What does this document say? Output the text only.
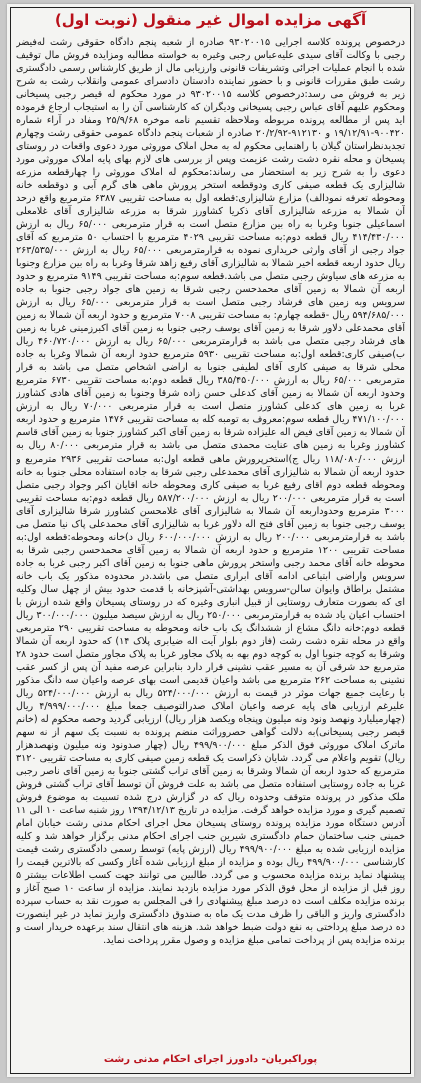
آگهی مزایده اموال غیر منقول (نوبت اول)

درخصوص پرونده کلاسه اجرایی ۹۳۰۲۰۰۱۵ صادره از شعبه پنجم دادگاه حقوقی رشت له‌فیضر رجبی با وکالت آقای سیدی علیه‌عباس رجبی وغیره به خواسته مطالبه ومزایده فروش مال توقیف شده با انجام عملیات اجرائی وتشریفات قانونی وارزیابی مال از طریق کارشناس رسمی دادگستری رشت طبق مقررات قانونی و با حضور نماینده دادستان دادسرای عمومی وانقلاب رشت به شرح زیر به فروش می رسد:درخصوص کلاسه ۹۳۰۲۰۰۱۵ در مورد محکوم له قیصر رجبی پسیخانی ومحکوم علیهم آقای عباس رجبی پسیخانی ودیگران که کارشناسی آن را به استیجاب ارجاع فرموده اید پس از مطالعه پرونده مربوطه وملاحظه تقسیم نامه موخره ۲۵/۹/۶۸ ومفاد در آراء شماره ۹۰۰۴۲۰-۱۹/۱۲/۹۱ و ۹۱۲۱۳۰-۲۰/۲/۹۲ صادره از شعبات پنجم دادگاه عمومی حقوقی رشت وچهارم تجدیدنظراستان گیلان با راهنمایی محکوم له به محل املاک موروثی مورد دعوی واقعات در روستای پسیخان و محله نقره دشت رشت عزیمت وپس از بررسی های لازم بهای پایه املاک موروثی مورد دعوی را به شرح زیر به استحضار می رساند:محکوم له املاک موروثی را چهارقطعه مزرعه شالیزاری یک قطعه صیفی کاری ودوقطعه استخر پرورش ماهی های گرم آبی و دوقطعه خانه ومحوطه تعرفه نمودالف) مزارع شالیزاری:قطعه اول به مساحت تقریبی ۶۳۸۷ مترمربع واقع درحد آن شمالا به مزرعه شالیزاری آقای ذکریا کشاورز شرقا به مزرعه شالیزاری آقای غلامعلی اسماعیلی جنوبا وغربا به راه بین مزارع متصل است به قرار مترمربعی ۶۵/۰۰۰ ریال به ارزش ۴۱۴/۴۳۰/۰۰۰ ریال قطعه دوم:به مساحت تقریبی ۴۰۲۹ مترمربع با احتساب ۵۰ مترمربع که آقای جواد رجبی از آقای وارثی خریداری نموده به قرارمترمربعی ۶۵/۰۰۰ ریال به ارزش ۲۶۳/۵۳۵/۰۰۰ ریال حدود اربعه قطعه اخیر شمالا به شالیزاری آقای رفیع زاهد شرقا وغربا به راه بین مزارع وجنوبا به مزرعه های سیاوش رجبی متصل می باشد.قطعه سوم:به مساحت تقریبی ۹۱۴۹ مترمربع و حدود اربعه آن شمالا به زمین آقای محمدحسن رجبی شرقا به زمین های جواد رجبی جنوبا به جاده سرویس وبه زمین های فرشاد رجبی متصل است به قرار مترمربعی ۶۵/۰۰۰ ریال به ارزش ۵۹۴/۶۸۵/۰۰۰ ریال -قطعه چهارم: به مساحت تقریبی ۷۰۰۸ مترمربع و حدود اربعه آن شمالا به زمین آقای محمدعلی دلاور شرقا به زمین آقای یوسف رجبی جنوبا به زمین آقای اکبرزمینی غربا به زمین های فرشاد رجبی متصل می باشد به قرارمترمربعی ۶۵/۰۰۰ ریال به ارزش ۴۶۰/۷۲۰/۰۰۰ ریال ب)صیفی کاری:قطعه اول:به مساحت تقریبی ۵۹۳۰ مترمربع حدود اربعه آن شمالا وغربا به جاده محلی شرقا به صیفی کاری آقای لطیفی جنوبا به اراضی اشخاص متصل می باشد به قرار مترمربعی ۶۵/۰۰۰ ریال به ارزش ۳۸۵/۴۵۰/۰۰۰ ریال قطعه دوم:به مساحت تقریبی ۶۷۳۰ مترمربع وحدود اربعه آن شمالا به زمین آقای کدعلی حسن زاده شرقا وجنوبا به زمین آقای هادی کشاورز غربا به زمین های کدعلی کشاورز متصل است به قرار مترمربعی ۷۰/۰۰۰ ریال به ارزش ۴۷۱/۱۰۰/۰۰۰ ریال قطعه سوم:معروف به تومبه کله به مساحت تقریبی ۱۴۷۶ مترمربع و حدود اربعه آن شمالا به زمین آقای فیض اله علیزاده شرقا به زمین آقای اکبر کشاورز جنوبا به زمین آقای قاسم کشاورز وغربا به زمین های عنایت محمدی متصل می باشد به قرار مترمربعی ۸۰/۰۰۰ ریال به ارزش ۱۱۸/۰۸۰/۰۰۰ ریال ج)استخرپرورش ماهی قطعه اول:به مساحت تقریبی ۲۹۳۶ مترمربع و حدود اربعه آن شمالا به شالیزاری آقای محمدعلی رجبی شرقا به جاده استفاده محلی جنوبا به خانه ومحوطه قطعه دوم اقای رفیع غربا به صیفی کاری ومحوطه خانه اقایان اکبر وجواد رجبی متصل است به قرار مترمربعی ۲۰۰/۰۰۰ ریال به ارزش ۵۸۷/۲۰۰/۰۰۰ ریال قطعه دوم:به مساحت تقریبی ۳۰۰۰ مترمربع وحدوداربعه آن شمالا به شالیزاری آقای غلامحسن کشاورز شرقا شالیزاری آقای یوسف رجبی جنوبا به زمین آقای فتح اله دلاور غربا به شالیزاری آقای محمدعلی پاک نیا متصل می باشد به قرارمترمربعی ۲۰۰/۰۰۰ ریال به ارزش ۶۰۰/۰۰۰/۰۰۰ ریال د)خانه ومحوطه:قطعه اول:به مساحت تقریبی ۱۲۰۰ مترمربع و حدود اربعه آن شمالا به زمین آقای محمدحسن رجبی شرقا به محوطه خانه آقای محمد رجبی واستخر پرورش ماهی جنوبا به زمین آقای اکبر رجبی غربا به جاده سرویس واراضی ابتیاعی ادامه آقای ابراری متصل می باشد.در محدوده مذکور یک باب خانه مشتمل براطاق وایوان سالن-سرویس بهداشتی-آشپزخانه با قدمت حدود بیش از چهل سال وکلیه ای که بصورت متعارف روستایی از قبیل انباری وغیره که در روستای پسیخان واقع شده ارزش با احتساب اعیان یاد شده به قرارمترمربعی ۲۵۰/۰۰۰ ریال به ارزش سیصد میلیون ۳۰۰/۰۰۰/۰۰۰ ریال قطعه دوم:خانه دانگ مشاع از ششدانگ یک باب خانه ومحوطه به مساحت تقریبی ۲۹۰ مترمربعی واقع در محله نقره دشت رشت (فاز دوم بلوار آیت اله ضیابری پلاک ۱۴) که حدود اربعه آن شمالا وشرقا به کوچه جنوبا اول به کوچه دوم بهه به پلاک مجاور غربا به پلاک مجاور متصل است حدود ۲۸ مترمربع حد شرقی آن به مسیر عقب نشینی قرار دارد بنابراین عرصه مفید آن پس از کسر عقب نشینی به مساحت ۲۶۲ مترمربع می باشد واعیان قدیمی است بهای عرصه واعیان سه دانگ مذکور با رعایت جمیع جهات موثر در قیمت به ارزش ۵۲۴/۰۰۰/۰۰۰ ریال به ارزش ۵۲۴/۰۰۰/۰۰۰ ریال علیرغم ارزیابی های پایه عرصه واعیان املاک صدرالتوصیف جمعا مبلغ ۴/۹۹۹/۰۰۰/۰۰۰ ریال (چهارمیلیارد ونهصد ونود ونه میلیون وپنجاه ویکصد هزار ریال) ارزیابی گردید وحصه محکوم له (خانم قیصر رجبی پسیخانی)به دلالت گواهی حصروراثت منضم پرونده به نسبت یک سهم از نه سهم ماترک املاک موروثی فوق الذکر مبلغ ۴۹۹/۹۰۰/۰۰۰ ریال (چهار صدونود ونه میلیون ونهصدهزار ریال) تقویم واعلام می گردد. شایان ذکراست یک قطعه زمین صیفی کاری به مساحت تقریبی ۳۱۲۰ مترمربع که حدود اربعه آن شمالا وشرقا به زمین آقای تراب گشتی جنوبا به زمین آقای ناصر رجبی غربا به جاده روستایی استفاده متصل می باشد به علت فروش آن توسط آقای تراب گشتی فروش ملک مذکور در پرونده متوقف وحدوده ریال که در گزارش درج شده تسبیت به موضوع فروش تصمیم گیری و مورد مزایده خواهد گرفت. مزایده در تاریخ ۱۳۹۴/۱۲/۱۳ روز شنبه ساعت ۱۰ الی ۱۱ آدرس دستگاه مورد مزایده پرونده روستای پسیخان محل اجرای احکام مدنی رشت خیابان امام خمینی جنب ساختمان حمام دادگستری شیرین جنب اجرای احکام مدنی برگزار خواهد شد و کلیه مزایده ارزیابی شده به مبلغ ۴۹۹/۹۰۰/۰۰۰ ریال (ارزش پایه) توسط رسمی دادگستری رشت قیمت کارشناسی ۴۹۹/۹۰۰/۰۰۰ ریال بوده و مزایده از مبلغ ارزیابی شده آغاز وکسی که بالاترین قیمت را پیشنهاد نماید برنده مزایده محسوب و می گردد. طالبین می توانند جهت کسب اطلاعات بیشتر ۵ روز قبل از مزایده از محل فوق الذکر مورد مزایده بازدید نمایند. مزایده از ساعت ۱۰ صبح آغاز و برنده مزایده مکلف است ده درصد مبلغ پیشنهادی را فی المجلس به صورت نقد به حساب سپرده دادگستری واریز و الباقی را ظرف مدت یک ماه به صندوق دادگستری واریز نماید در غیر اینصورت ده درصد مبلغ پرداختی به نفع دولت ضبط خواهد شد. هزینه های انتقال سند برعهده خریدار است و برنده مزایده پس از پرداخت تمامی مبلغ مزایده و وصول مقرر پرداخت نماید.

پوراکبریان- دادورز اجرای احکام مدنی رشت
